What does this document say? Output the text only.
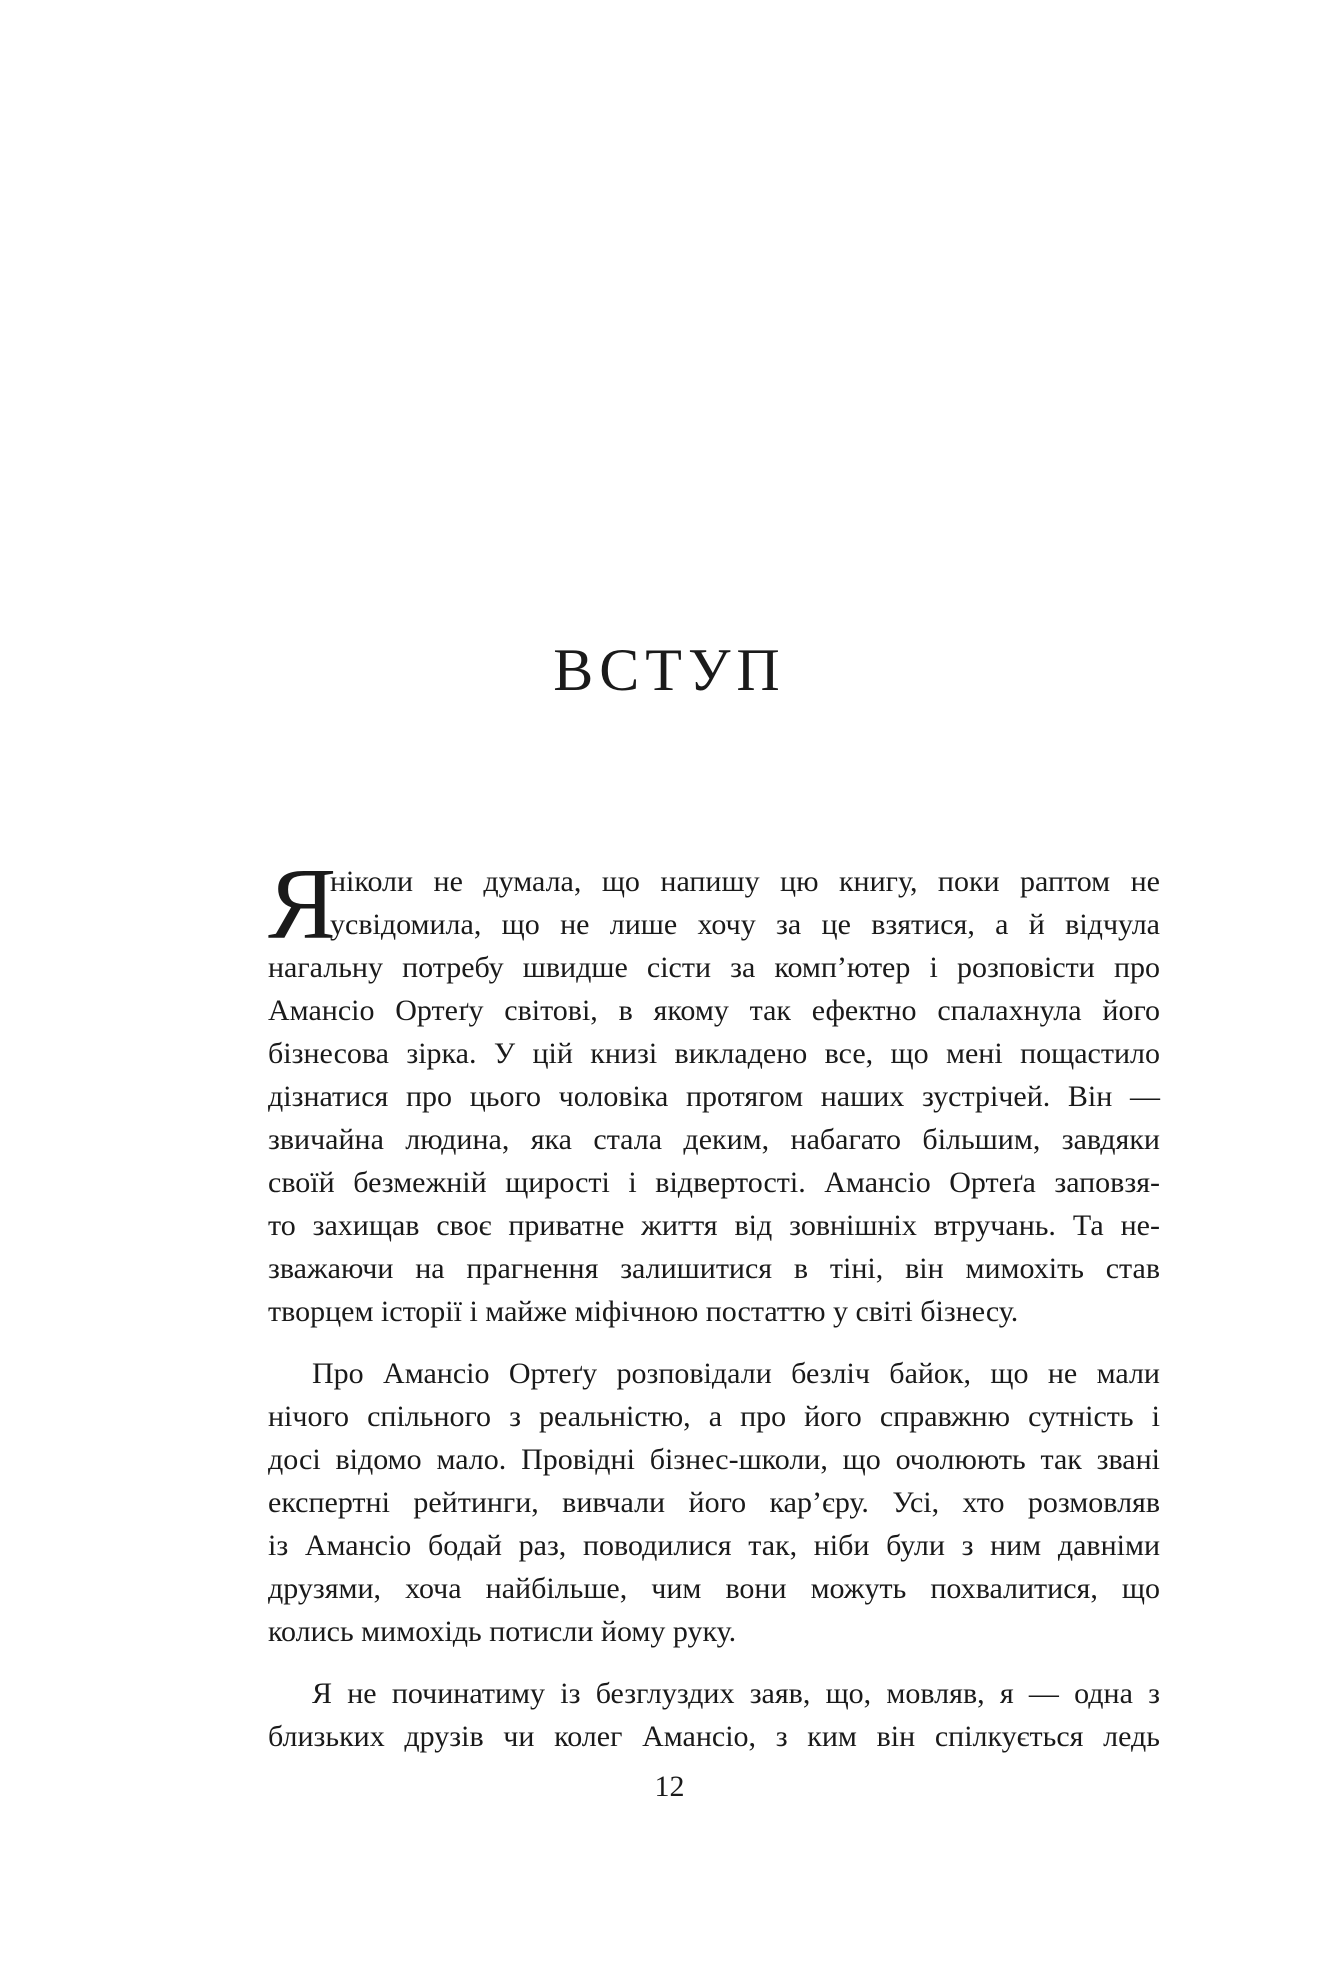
ВСТУП
Я
ніколи не думала, що напишу цю книгу, поки раптом не
усвідомила, що не лише хочу за це взятися, а й відчула
нагальну потребу швидше сісти за комп’ютер і розповісти про
Амансіо Ортеґу світові, в якому так ефектно спалахнула його
бізнесова зірка. У цій книзі викладено все, що мені пощастило
дізнатися про цього чоловіка протягом наших зустрічей. Він —
звичайна людина, яка стала деким, набагато більшим, завдяки
своїй безмежній щирості і відвертості. Амансіо Ортеґа заповзя-
то захищав своє приватне життя від зовнішніх втручань. Та не-
зважаючи на прагнення залишитися в тіні, він мимохіть став
творцем історії і майже міфічною постаттю у світі бізнесу.
Про Амансіо Ортеґу розповідали безліч байок, що не мали
нічого спільного з реальністю, а про його справжню сутність і
досі відомо мало. Провідні бізнес-школи, що очолюють так звані
експертні рейтинги, вивчали його кар’єру. Усі, хто розмовляв
із Амансіо бодай раз, поводилися так, ніби були з ним давніми
друзями, хоча найбільше, чим вони можуть похвалитися, що
колись мимохідь потисли йому руку.
Я не починатиму із безглуздих заяв, що, мовляв, я — одна з
близьких друзів чи колег Амансіо, з ким він спілкується ледь
12
